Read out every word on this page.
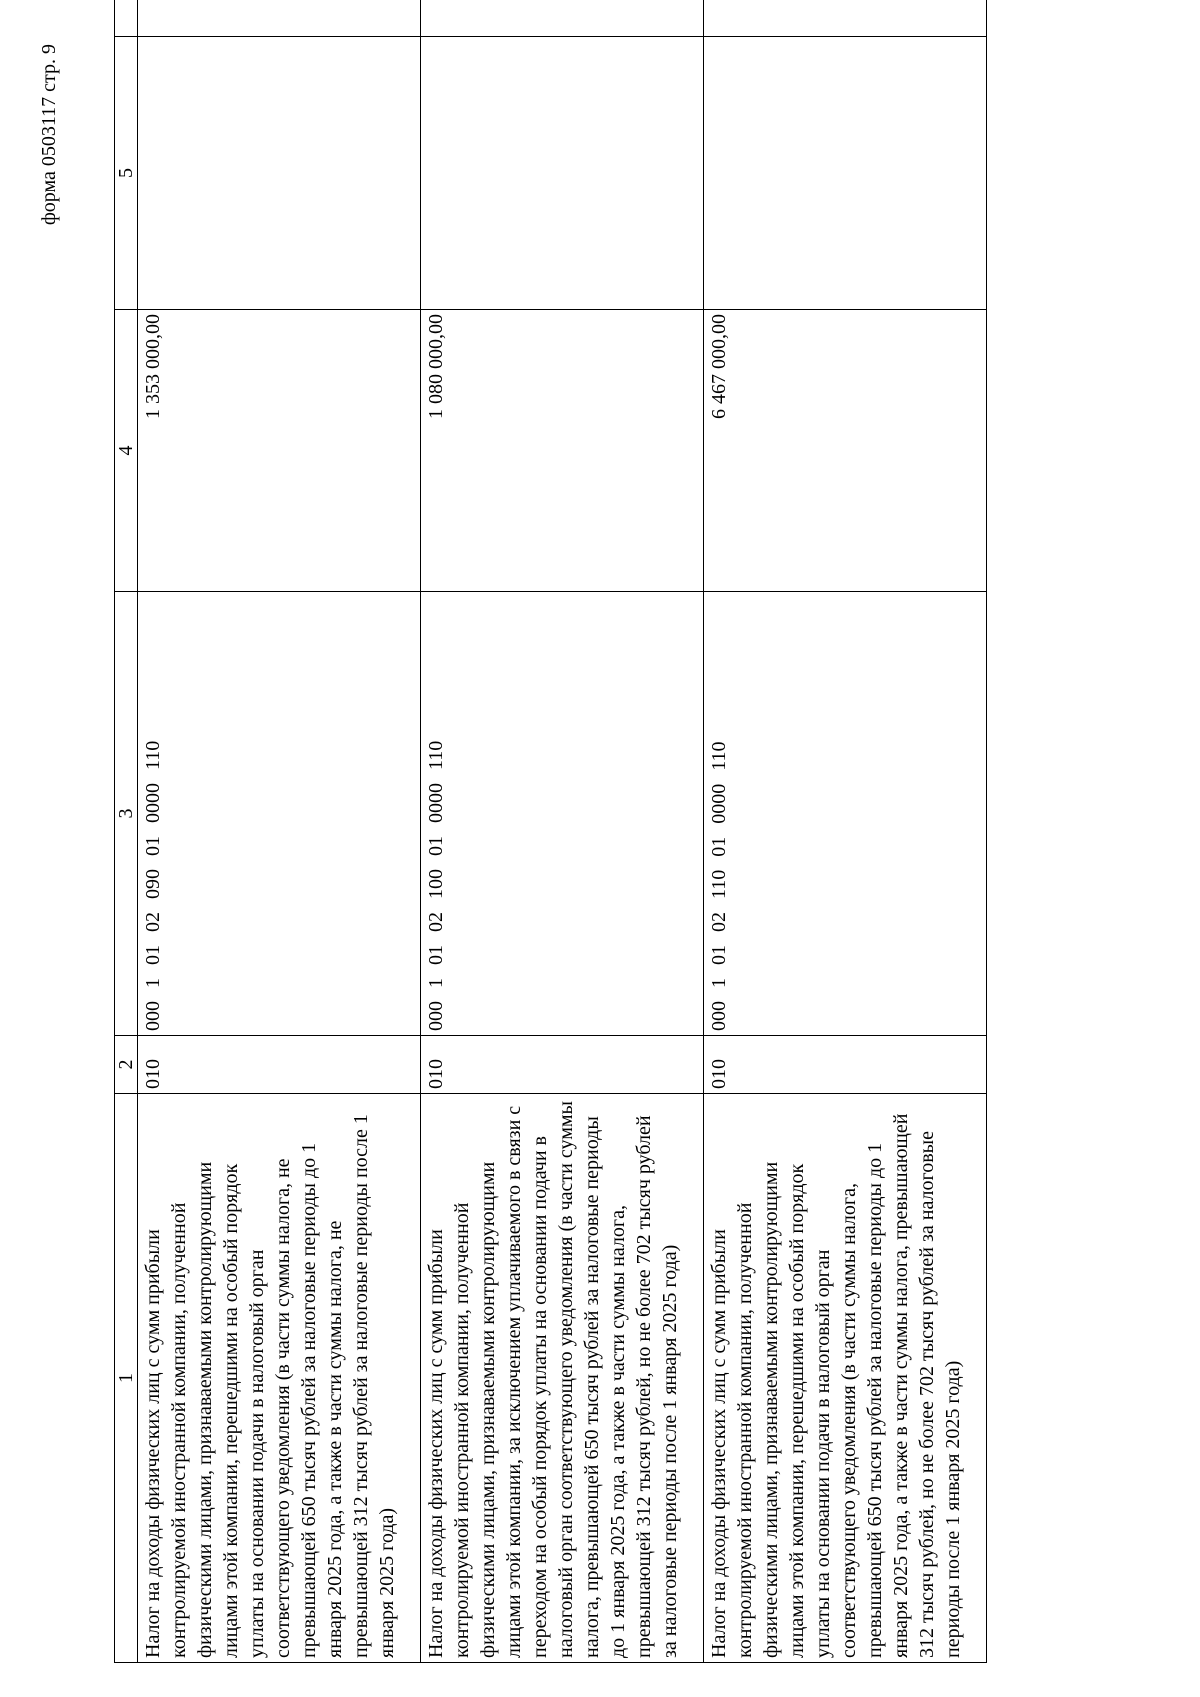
форма 0503117 стр. 9
1	2	3	4	5	
Налог на доходы физических лиц с сумм прибыли контролируемой иностранной компании, полученной физическими лицами, признаваемыми контролирующими лицами этой компании, перешедшими на особый порядок уплаты на основании подачи в налоговый орган соответствующего уведомления (в части суммы налога, не превышающей 650 тысяч рублей за налоговые периоды до 1 января 2025 года, а также в части суммы налога, не превышающей 312 тысяч рублей за налоговые периоды после 1 января 2025 года)	010	000 1 01 02 090 01 0000 110	1 353 000,00		
Налог на доходы физических лиц с сумм прибыли контролируемой иностранной компании, полученной физическими лицами, признаваемыми контролирующими лицами этой компании, за исключением уплачиваемого в связи с переходом на особый порядок уплаты на основании подачи в налоговый орган соответствующего уведомления (в части суммы налога, превышающей 650 тысяч рублей за налоговые периоды до 1 января 2025 года, а также в части суммы налога, превышающей 312 тысяч рублей, но не более 702 тысяч рублей за налоговые периоды после 1 января 2025 года)	010	000 1 01 02 100 01 0000 110	1 080 000,00		
Налог на доходы физических лиц с сумм прибыли контролируемой иностранной компании, полученной физическими лицами, признаваемыми контролирующими лицами этой компании, перешедшими на особый порядок уплаты на основании подачи в налоговый орган соответствующего уведомления (в части суммы налога, превышающей 650 тысяч рублей за налоговые периоды до 1 января 2025 года, а также в части суммы налога, превышающей 312 тысяч рублей, но не более 702 тысяч рублей за налоговые периоды после 1 января 2025 года)	010	000 1 01 02 110 01 0000 110	6 467 000,00		
